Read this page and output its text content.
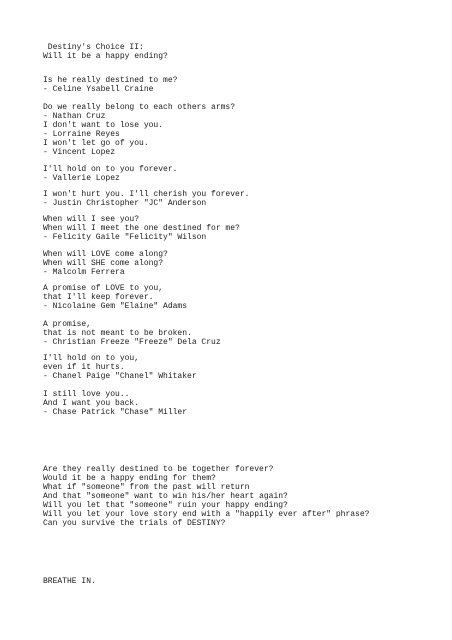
Destiny's Choice II:
Will it be a happy ending?
Is he really destined to me?
- Celine Ysabell Craine
Do we really belong to each others arms?
- Nathan Cruz
I don't want to lose you.
- Lorraine Reyes
I won't let go of you.
- Vincent Lopez
I'll hold on to you forever.
- Vallerie Lopez
I won't hurt you. I'll cherish you forever.
- Justin Christopher "JC" Anderson
When will I see you?
When will I meet the one destined for me?
- Felicity Gaile "Felicity" Wilson
When will LOVE come along?
When will SHE come along?
- Malcolm Ferrera
A promise of LOVE to you,
that I'll keep forever.
- Nicolaine Gem "Elaine" Adams
A promise,
that is not meant to be broken.
- Christian Freeze "Freeze" Dela Cruz
I'll hold on to you,
even if it hurts.
- Chanel Paige "Chanel" Whitaker
I still love you..
And I want you back.
- Chase Patrick "Chase" Miller
Are they really destined to be together forever?
Would it be a happy ending for them?
What if "someone" from the past will return
And that "someone" want to win his/her heart again?
Will you let that "someone" ruin your happy ending?
Will you let your love story end with a "happily ever after" phrase?
Can you survive the trials of DESTINY?
BREATHE IN.
